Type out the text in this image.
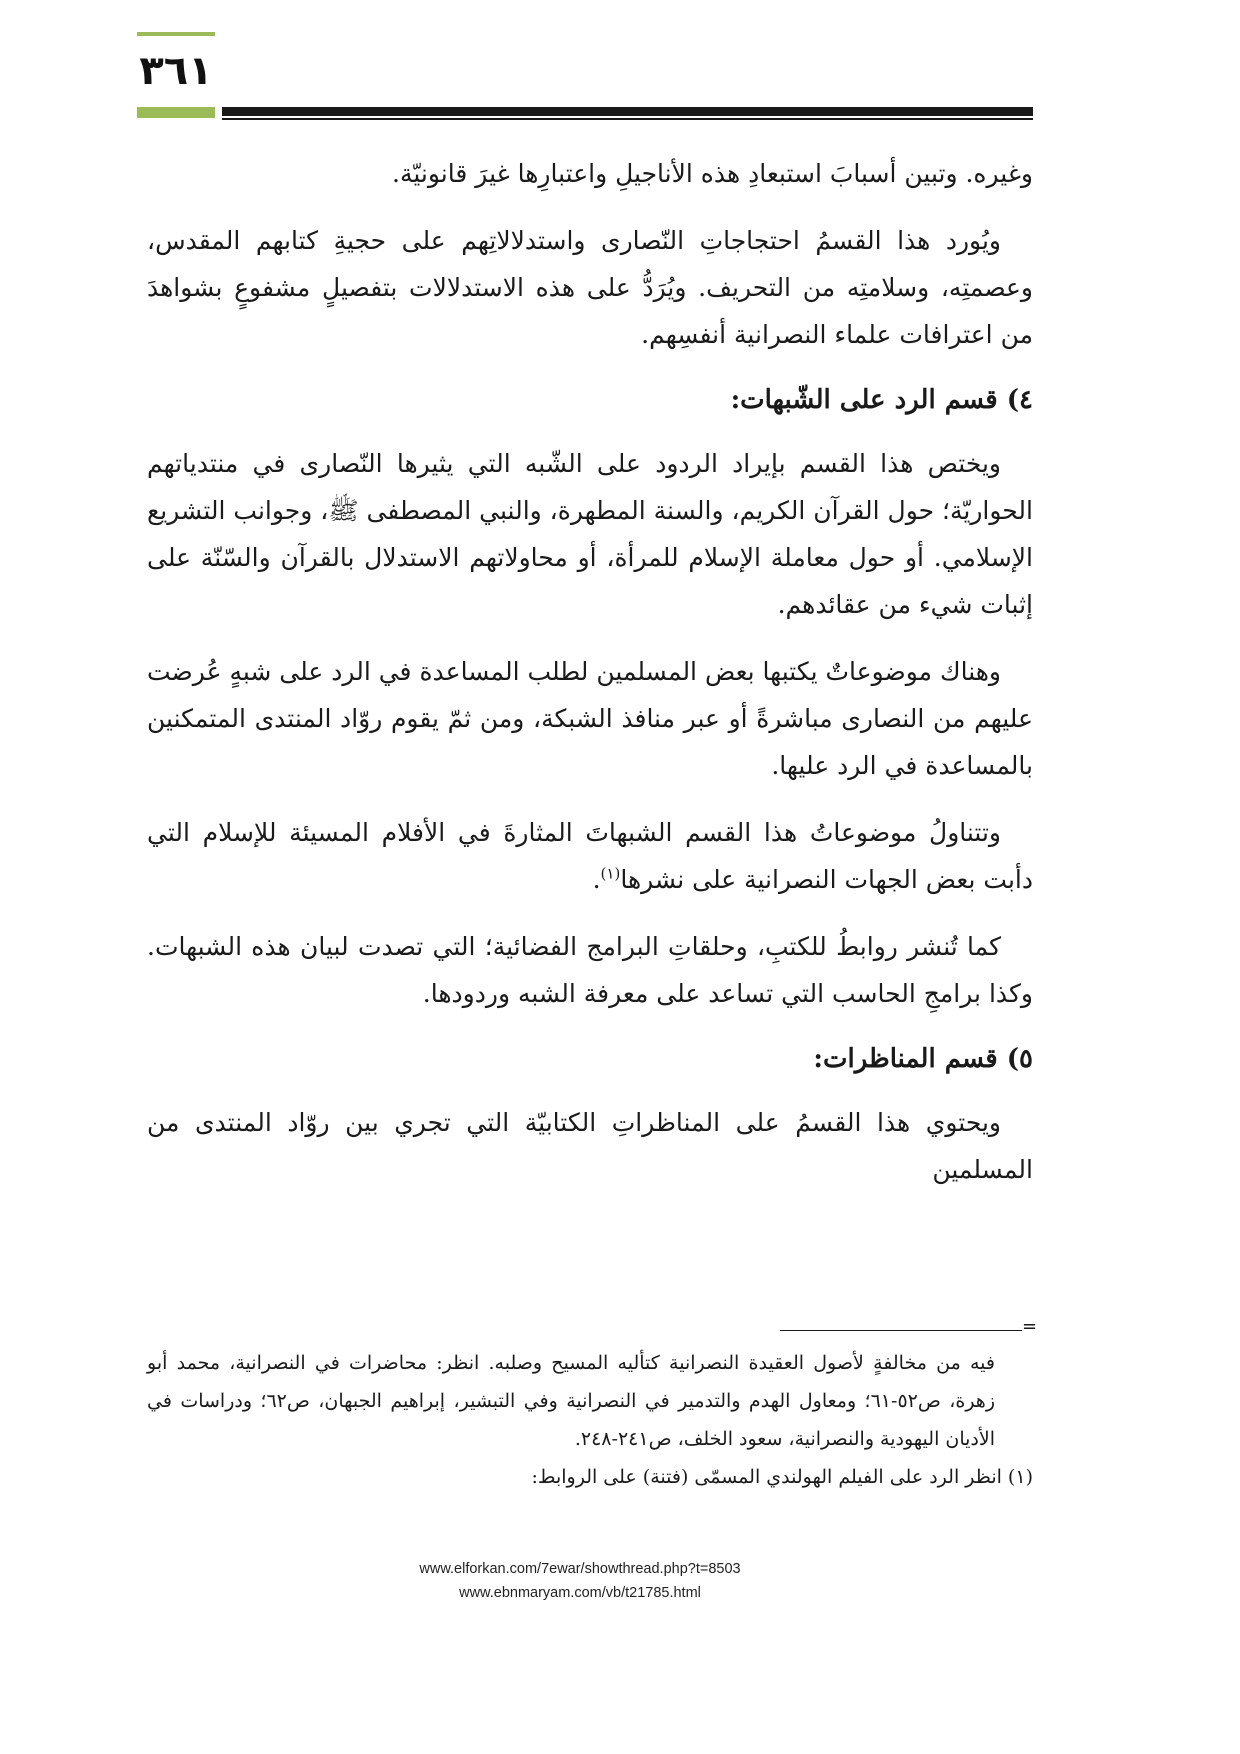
٣٦١

وغيره. وتبين أسبابَ استبعادِ هذه الأناجيلِ واعتبارِها غيرَ قانونيّة.

ويُورد هذا القسمُ احتجاجاتِ النّصارى واستدلالاتِهم على حجيةِ كتابهم المقدس، وعصمتِه، وسلامتِه من التحريف. ويُرَدُّ على هذه الاستدلالات بتفصيلٍ مشفوعٍ بشواهدَ من اعترافات علماء النصرانية أنفسِهم.

٤) قسم الرد على الشّبهات:

ويختص هذا القسم بإيراد الردود على الشّبه التي يثيرها النّصارى في منتدياتهم الحواريّة؛ حول القرآن الكريم، والسنة المطهرة، والنبي المصطفى ﷺ، وجوانب التشريع الإسلامي. أو حول معاملة الإسلام للمرأة، أو محاولاتهم الاستدلال بالقرآن والسّنّة على إثبات شيء من عقائدهم.

وهناك موضوعاتٌ يكتبها بعض المسلمين لطلب المساعدة في الرد على شبهٍ عُرضت عليهم من النصارى مباشرةً أو عبر منافذ الشبكة، ومن ثمّ يقوم روّاد المنتدى المتمكنين بالمساعدة في الرد عليها.

وتتناولُ موضوعاتُ هذا القسم الشبهاتَ المثارةَ في الأفلام المسيئة للإسلام التي دأبت بعض الجهات النصرانية على نشرها$^{(١)}$.

كما تُنشر روابطُ للكتبِ، وحلقاتِ البرامج الفضائية؛ التي تصدت لبيان هذه الشبهات. وكذا برامجِ الحاسب التي تساعد على معرفة الشبه وردودها.

٥) قسم المناظرات:

ويحتوي هذا القسمُ على المناظراتِ الكتابيّة التي تجري بين روّاد المنتدى من المسلمين

=

فيه من مخالفةٍ لأصول العقيدة النصرانية كتأليه المسيح وصلبه. انظر: محاضرات في النصرانية، محمد أبو زهرة، ص٥٢-٦١؛ ومعاول الهدم والتدمير في النصرانية وفي التبشير، إبراهيم الجبهان، ص٦٢؛ ودراسات في الأديان اليهودية والنصرانية، سعود الخلف، ص٢٤١-٢٤٨.

(١) انظر الرد على الفيلم الهولندي المسمّى (فتنة) على الروابط:

www.elforkan.com/7ewar/showthread.php?t=8503
www.ebnmaryam.com/vb/t21785.html
